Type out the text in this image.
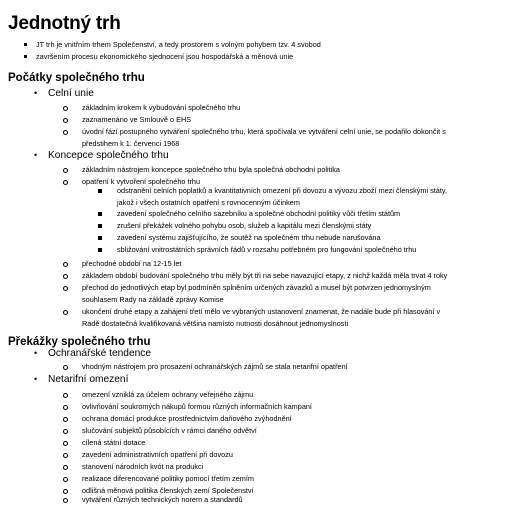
Jednotný trh
JT trh je vnitřním trhem Společenství, a tedy prostorem s volným pohybem tzv. 4 svobod
završením procesu ekonomického sjednocení jsou hospodářská a měnová unie
Počátky společného trhu
• Celní unie
základním krokem k vybudování společného trhu
zaznamenáno ve Smlouvě o EHS
úvodní fází postupného vytváření společného trhu, která spočívala ve vytváření celní unie, se podařilo dokončit s
předstihem k 1. červenci 1968
• Koncepce společného trhu
základním nástrojem koncepce společného trhu byla společná obchodní politika
opatření k vytvoření společného trhu
odstranění celních poplatků a kvantitativních omezení při dovozu a vývozu zboží mezi členskými státy,
jakož i všech ostatních opatření s rovnocenným účinkem
zavedení společného celního sazebníku a společné obchodní politiky vůči třetím státům
zrušení překážek volného pohybu osob, služeb a kapitálu mezi členskými státy
zavedení systému zajišťujícího, že soutěž na společném trhu nebude narušována
sbližování vnitrostátních správních řádů v rozsahu potřebném pro fungování společného trhu
přechodné období na 12-15 let
základem období budování společného trhu měly být tři na sebe navazující etapy, z nichž každá měla trvat 4 roky
přechod do jednotlivých etap byl podmíněn splněním určených závazků a musel být potvrzen jednomyslným
souhlasem Rady na základě zprávy Komise
ukončení druhé etapy a zahájení třetí mělo ve vybraných ustanovení znamenat, že nadále bude při hlasování v
Radě dostatečná kvalifikovaná většina namísto nutnosti dosáhnout jednomyslnosti
Překážky společného trhu
• Ochranářské tendence
vhodným nástrojem pro prosazení ochranářských zájmů se stala netarifní opatření
• Netarifní omezení
omezení vzniklá za účelem ochrany veřejného zájmu
ovlivňování soukromých nákupů formou různých informačních kampaní
ochrana domácí produkce prostřednictvím daňového zvýhodnění
slučování subjektů působících v rámci daného odvětví
cílená státní dotace
zavedení administrativních opatření při dovozu
stanovení národních kvót na produkci
realizace diferencované politiky pomocí třetím zemím
odlišná měnová politika členských zemí Společenství
vytváření různých technických norem a standardů
